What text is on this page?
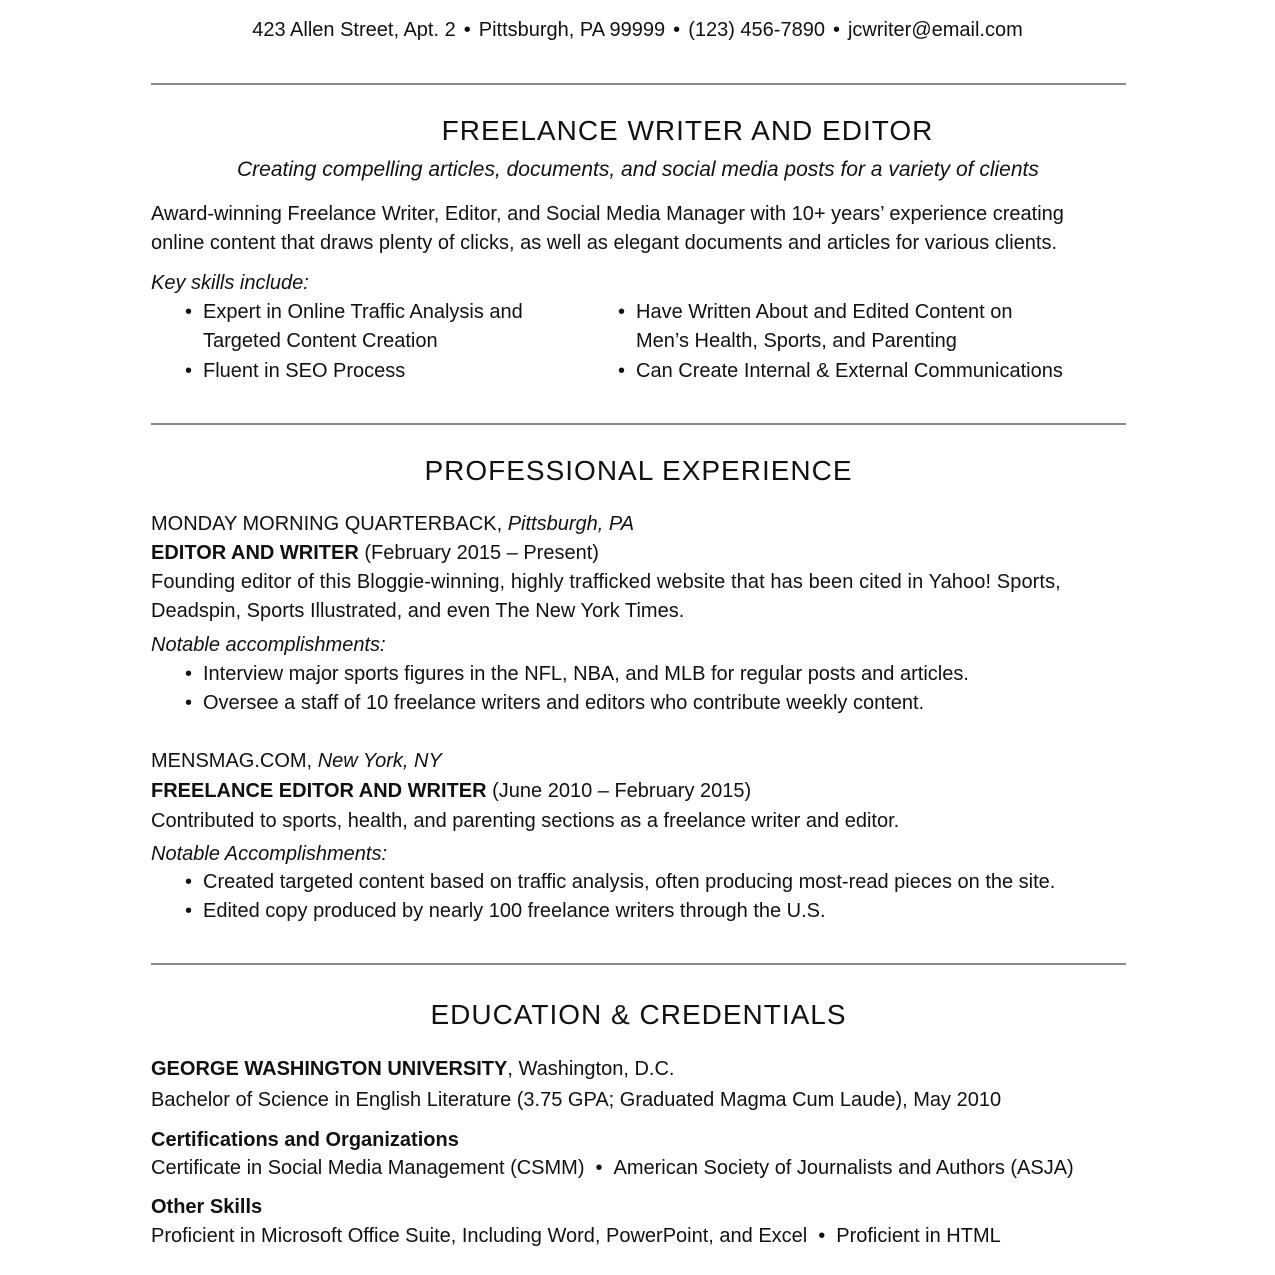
423 Allen Street, Apt. 2 • Pittsburgh, PA 99999 • (123) 456-7890 • jcwriter@email.com
FREELANCE WRITER AND EDITOR
Creating compelling articles, documents, and social media posts for a variety of clients
Award-winning Freelance Writer, Editor, and Social Media Manager with 10+ years’ experience creating
online content that draws plenty of clicks, as well as elegant documents and articles for various clients.
Key skills include:
• Expert in Online Traffic Analysis and
Targeted Content Creation
• Fluent in SEO Process
• Have Written About and Edited Content on
Men’s Health, Sports, and Parenting
• Can Create Internal & External Communications
PROFESSIONAL EXPERIENCE
MONDAY MORNING QUARTERBACK, Pittsburgh, PA
EDITOR AND WRITER (February 2015 – Present)
Founding editor of this Bloggie-winning, highly trafficked website that has been cited in Yahoo! Sports,
Deadspin, Sports Illustrated, and even The New York Times.
Notable accomplishments:
• Interview major sports figures in the NFL, NBA, and MLB for regular posts and articles.
• Oversee a staff of 10 freelance writers and editors who contribute weekly content.
MENSMAG.COM, New York, NY
FREELANCE EDITOR AND WRITER (June 2010 – February 2015)
Contributed to sports, health, and parenting sections as a freelance writer and editor.
Notable Accomplishments:
• Created targeted content based on traffic analysis, often producing most-read pieces on the site.
• Edited copy produced by nearly 100 freelance writers through the U.S.
EDUCATION & CREDENTIALS
GEORGE WASHINGTON UNIVERSITY, Washington, D.C.
Bachelor of Science in English Literature (3.75 GPA; Graduated Magma Cum Laude), May 2010
Certifications and Organizations
Certificate in Social Media Management (CSMM) • American Society of Journalists and Authors (ASJA)
Other Skills
Proficient in Microsoft Office Suite, Including Word, PowerPoint, and Excel • Proficient in HTML
